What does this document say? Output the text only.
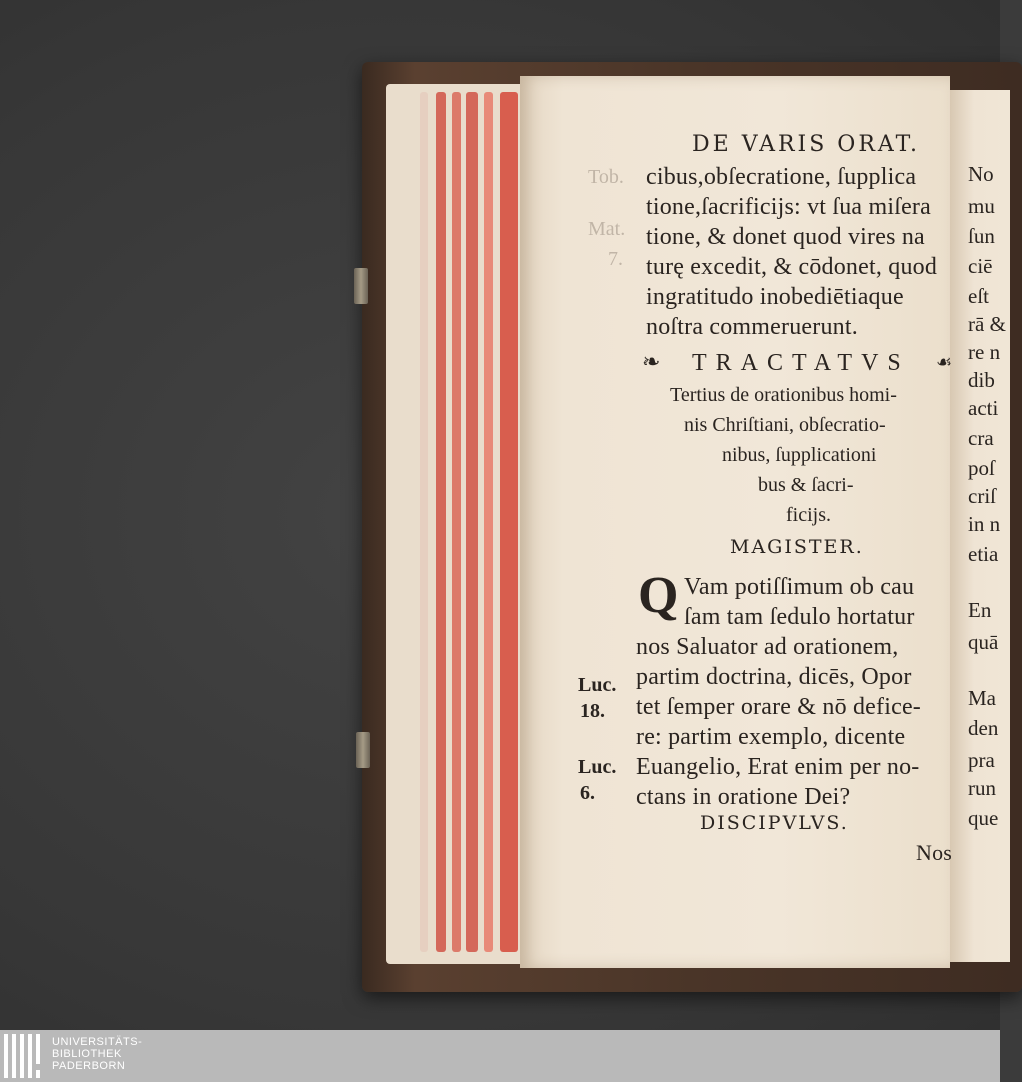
Tob.
Mat.
7.
DE VARIS ORAT.
cibus,obſecratione, ſupplica
tione,ſacrificijs: vt ſua miſera
tione, & donet quod vires na
turę excedit, & cōdonet, quod
ingratitudo inobediētiaque
noſtra commeruerunt.
❧ TRACTATVS ☙
Tertius de orationibus homi-
nis Chriſtiani, obſecratio-
nibus, ſupplicationi
bus & ſacri-
ficijs.
MAGISTER.
Q Vam potiſſimum ob cau
ſam tam ſedulo hortatur
nos Saluator ad orationem,
partim doctrina, dicēs, Opor
tet ſemper orare & nō defice-
re: partim exemplo, dicente
Euangelio, Erat enim per no-
ctans in oratione Dei?
Luc.
18.
Luc.
6.
DISCIPVLVS.
Nos
No
mu
ſun
ciē
eſt
rā &
re n
dib
acti
cra
poſ
criſ
in n
etia
En
quā
Ma
den
pra
run
que
UNIVERSITÄTS-
BIBLIOTHEK
PADERBORN
